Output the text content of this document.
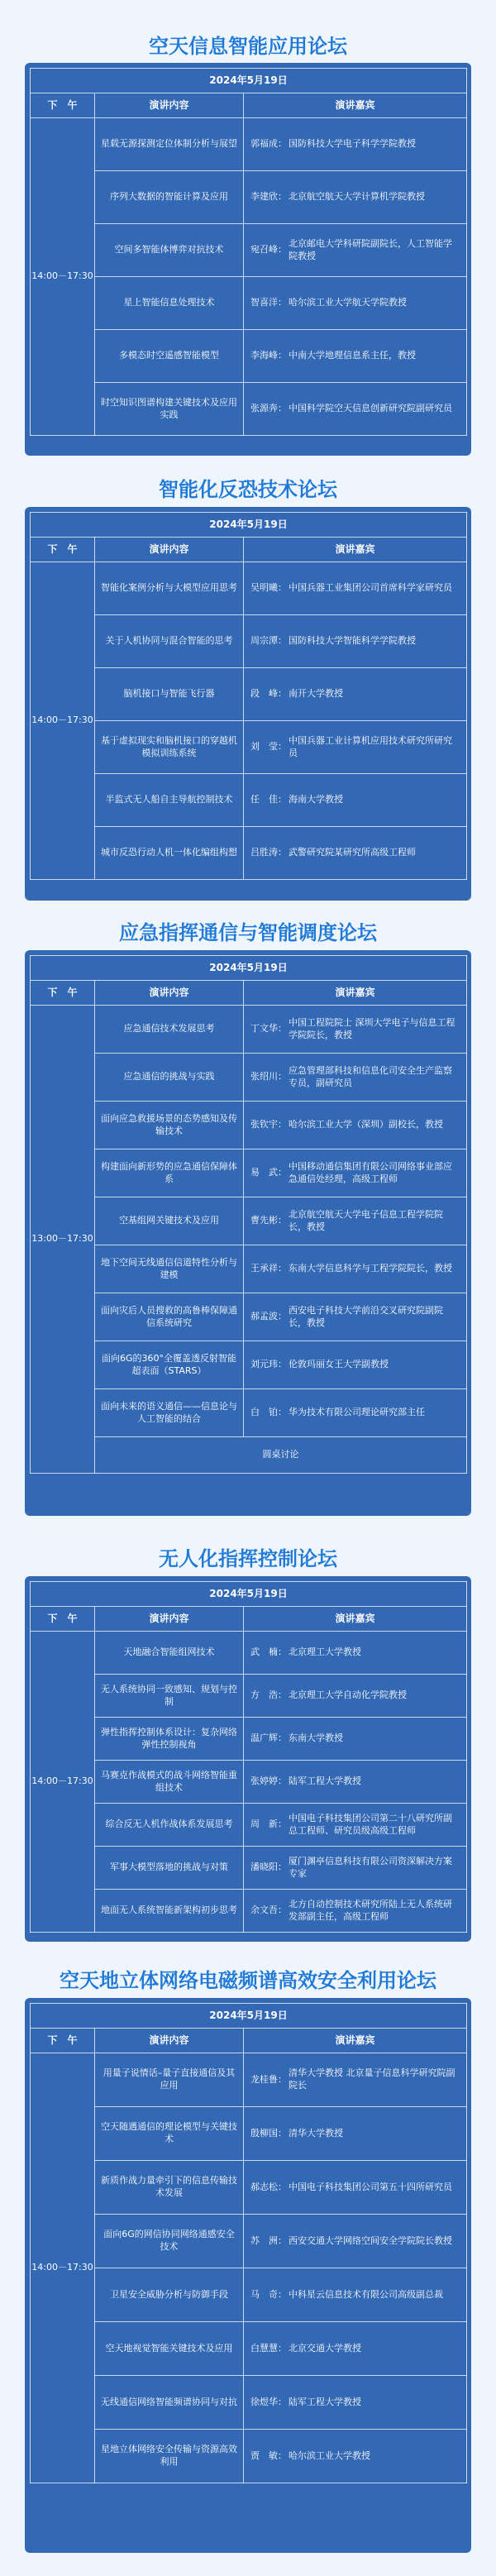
空天信息智能应用论坛
2024年5月19日		
下　午	演讲内容	演讲嘉宾
14:00－17:30	星载无源探测定位体制分析与展望	郭福成： 国防科技大学电子科学学院教授

	序列大数据的智能计算及应用	李建欣： 北京航空航天大学计算机学院教授

	空间多智能体博弈对抗技术	宛召峰：
北京邮电大学科研院副院长，人工智能学院教授

	星上智能信息处理技术	智喜洋： 哈尔滨工业大学航天学院教授

	多模态时空遥感智能模型	李海峰： 中南大学地理信息系主任，教授

	时空知识图谱构建关键技术及应用实践	张源奔： 中国科学院空天信息创新研究院副研究员
智能化反恐技术论坛
2024年5月19日		
下　午	演讲内容	演讲嘉宾
14:00－17:30	智能化案例分析与大模型应用思考	吴明曦： 中国兵器工业集团公司首席科学家研究员

	关于人机协同与混合智能的思考	周宗潭： 国防科技大学智能科学学院教授

	脑机接口与智能飞行器	段　峰： 南开大学教授

	基于虚拟现实和脑机接口的穿越机模拟训练系统	刘　莹：
中国兵器工业计算机应用技术研究所研究员

	半监式无人船自主导航控制技术	任　佳： 海南大学教授

	城市反恐行动人机一体化编组构想	吕胜涛： 武警研究院某研究所高级工程师
应急指挥通信与智能调度论坛
2024年5月19日		
下　午	演讲内容	演讲嘉宾
13:00－17:30	应急通信技术发展思考	丁文华：
中国工程院院士 深圳大学电子与信息工程学院院长，教授

	应急通信的挑战与实践	张绍川：
应急管理部科技和信息化司安全生产监察专员，副研究员

	面向应急救援场景的态势感知及传输技术	张钦宇： 哈尔滨工业大学（深圳）副校长，教授

	构建面向新形势的应急通信保障体系	易　武：
中国移动通信集团有限公司网络事业部应急通信处经理，高级工程师

	空基组网关键技术及应用	曹先彬：
北京航空航天大学电子信息工程学院院长，教授

	地下空间无线通信信道特性分析与建模	王承祥： 东南大学信息科学与工程学院院长，教授

	面向灾后人员搜救的高鲁棒保障通信系统研究	郝孟波：
西安电子科技大学前沿交叉研究院副院长，教授

	面向6G的360°全覆盖透反射智能超表面（STARS）	刘元玮： 伦敦玛丽女王大学副教授

	面向未来的语义通信——信息论与人工智能的结合	白　铂： 华为技术有限公司理论研究部主任

	圆桌讨论	
无人化指挥控制论坛
2024年5月19日		
下　午	演讲内容	演讲嘉宾
14:00－17:30	天地融合智能组网技术	武　楠： 北京理工大学教授

	无人系统协同一致感知、规划与控制	方　浩： 北京理工大学自动化学院教授

	弹性指挥控制体系设计：复杂网络弹性控制视角	温广辉： 东南大学教授

	马赛克作战模式的战斗网络智能重组技术	张婷婷： 陆军工程大学教授

	综合反无人机作战体系发展思考	周　新：
中国电子科技集团公司第二十八研究所副总工程师、研究员级高级工程师

	军事大模型落地的挑战与对策	潘晓阳：
厦门渊亭信息科技有限公司资深解决方案专家

	地面无人系统智能新架构初步思考	余文吾：
北方自动控制技术研究所陆上无人系统研发部副主任，高级工程师
空天地立体网络电磁频谱高效安全利用论坛
2024年5月19日		
下　午	演讲内容	演讲嘉宾
14:00－17:30	用量子说情话–量子直接通信及其应用	龙桂鲁：
清华大学教授 北京量子信息科学研究院副院长

	空天随遇通信的理论模型与关键技术	殷柳国： 清华大学教授

	新质作战力量牵引下的信息传输技术发展	郝志松： 中国电子科技集团公司第五十四所研究员

	面向6G的网信协同网络通感安全技术	苏　洲： 西安交通大学网络空间安全学院院长教授

	卫星安全威胁分析与防御手段	马　奇： 中科星云信息技术有限公司高级副总裁

	空天地视觉智能关键技术及应用	白慧慧： 北京交通大学教授

	无线通信网络智能频谱协同与对抗	徐煜华： 陆军工程大学教授

	星地立体网络安全传输与资源高效利用	贾　敏： 哈尔滨工业大学教授
